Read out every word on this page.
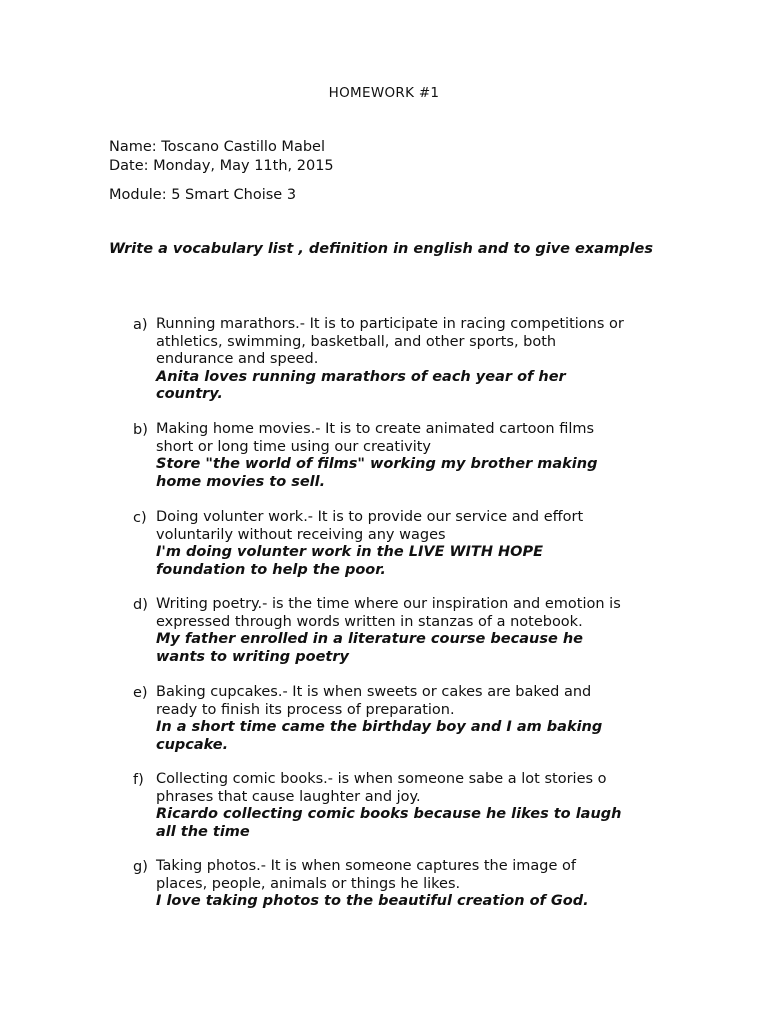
HOMEWORK #1
Name: Toscano Castillo Mabel
Date: Monday, May 11th, 2015
Module: 5 Smart Choise 3
Write a vocabulary list , definition in english and to give examples
a) Running marathors.- It is to participate in racing competitions or
athletics, swimming, basketball, and other sports, both
endurance and speed.
Anita loves running marathors of each year of her
country.
b) Making home movies.- It is to create animated cartoon films
short or long time using our creativity
Store "the world of films" working my brother making
home movies to sell.
c) Doing volunter work.- It is to provide our service and effort
voluntarily without receiving any wages
I'm doing volunter work in the LIVE WITH HOPE
foundation to help the poor.
d) Writing poetry.- is the time where our inspiration and emotion is
expressed through words written in stanzas of a notebook.
My father enrolled in a literature course because he
wants to writing poetry
e) Baking cupcakes.- It is when sweets or cakes are baked and
ready to finish its process of preparation.
In a short time came the birthday boy and I am baking
cupcake.
f) Collecting comic books.- is when someone sabe a lot stories o
phrases that cause laughter and joy.
Ricardo collecting comic books because he likes to laugh
all the time
g) Taking photos.- It is when someone captures the image of
places, people, animals or things he likes.
I love taking photos to the beautiful creation of God.
